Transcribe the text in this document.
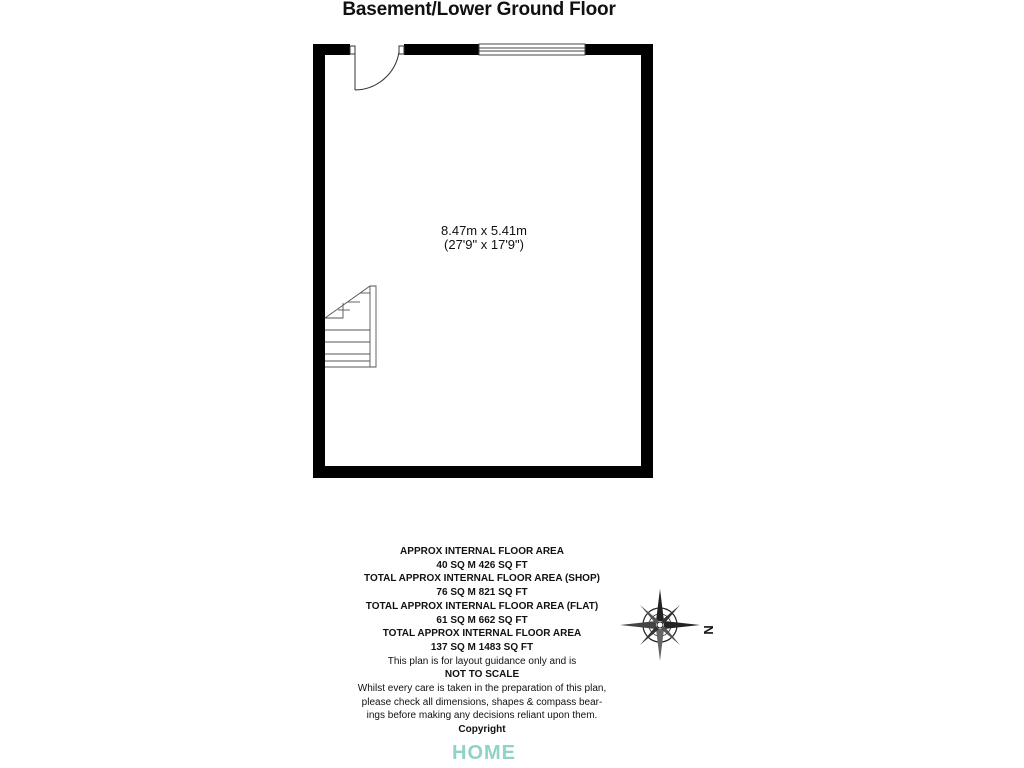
Basement/Lower Ground Floor
8.47m x 5.41m
(27'9" x 17'9")
APPROX INTERNAL FLOOR AREA
40 SQ M 426 SQ FT
TOTAL APPROX INTERNAL FLOOR AREA (SHOP)
76 SQ M 821 SQ FT
TOTAL APPROX INTERNAL FLOOR AREA (FLAT)
61 SQ M 662 SQ FT
TOTAL APPROX INTERNAL FLOOR AREA
137 SQ M 1483 SQ FT
This plan is for layout guidance only and is
NOT TO SCALE
Whilst every care is taken in the preparation of this plan,
please check all dimensions, shapes & compass bear-
ings before making any decisions reliant upon them.
Copyright
N
HOME
